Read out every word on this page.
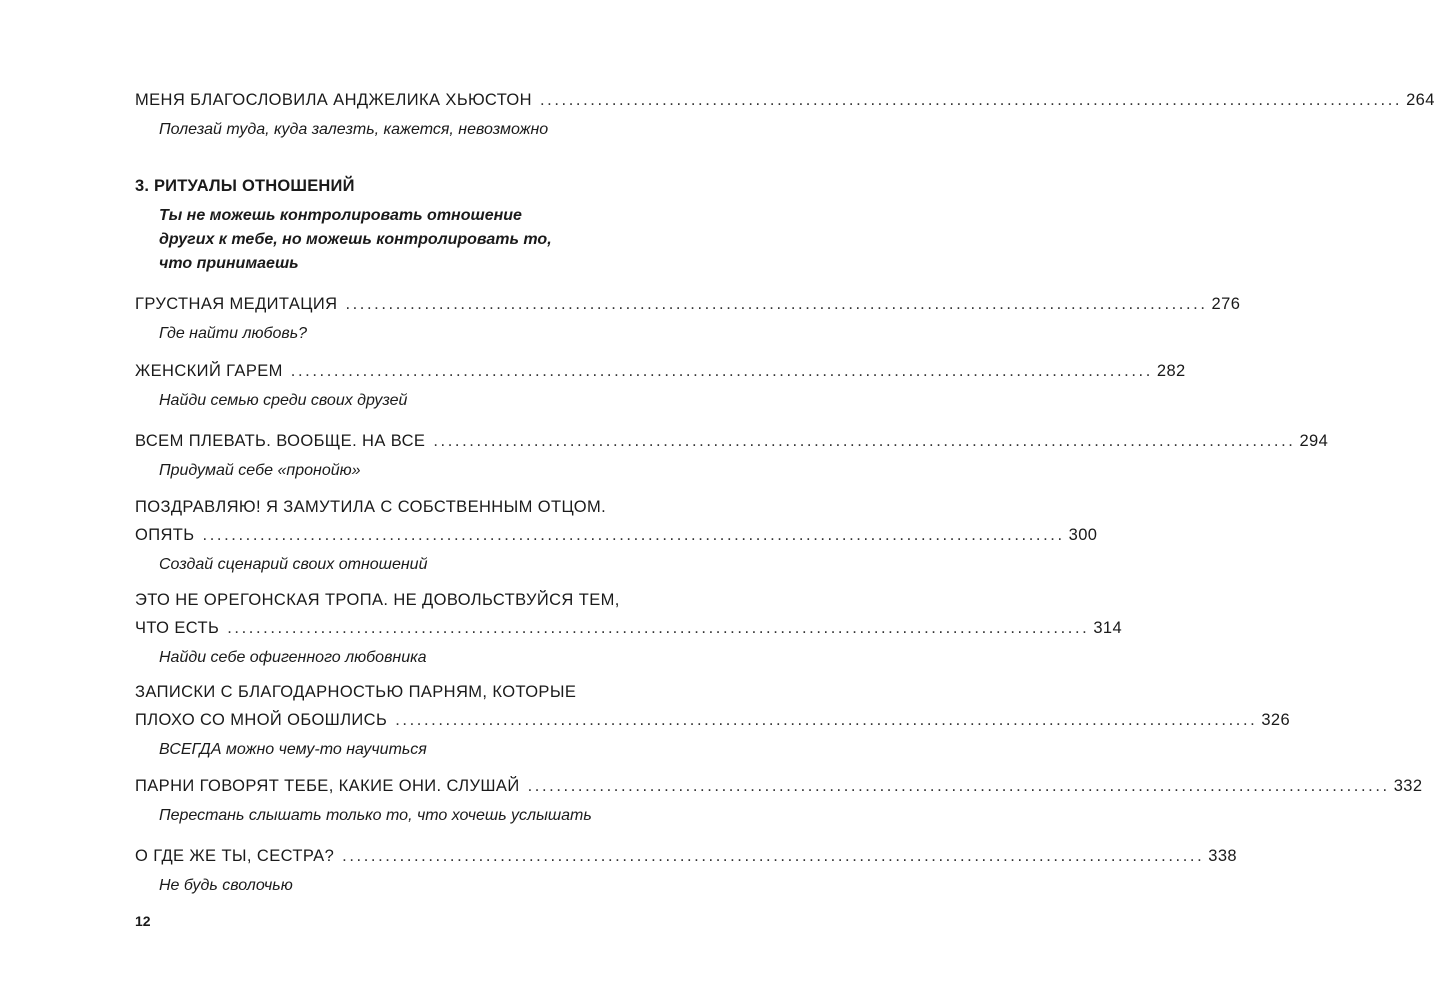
МЕНЯ БЛАГОСЛОВИЛА АНДЖЕЛИКА ХЬЮСТОН ........................................................................................................................ 264
Полезай туда, куда залезть, кажется, невозможно
3. РИТУАЛЫ ОТНОШЕНИЙ
Ты не можешь контролировать отношение
других к тебе, но можешь контролировать то,
что принимаешь
ГРУСТНАЯ МЕДИТАЦИЯ ........................................................................................................................ 276
Где найти любовь?
ЖЕНСКИЙ ГАРЕМ ........................................................................................................................ 282
Найди семью среди своих друзей
ВСЕМ ПЛЕВАТЬ. ВООБЩЕ. НА ВСЕ ........................................................................................................................ 294
Придумай себе «пронойю»
ПОЗДРАВЛЯЮ! Я ЗАМУТИЛА С СОБСТВЕННЫМ ОТЦОМ.
ОПЯТЬ ........................................................................................................................ 300
Создай сценарий своих отношений
ЭТО НЕ ОРЕГОНСКАЯ ТРОПА. НЕ ДОВОЛЬСТВУЙСЯ ТЕМ,
ЧТО ЕСТЬ ........................................................................................................................ 314
Найди себе офигенного любовника
ЗАПИСКИ С БЛАГОДАРНОСТЬЮ ПАРНЯМ, КОТОРЫЕ
ПЛОХО СО МНОЙ ОБОШЛИСЬ ........................................................................................................................ 326
ВСЕГДА можно чему-то научиться
ПАРНИ ГОВОРЯТ ТЕБЕ, КАКИЕ ОНИ. СЛУШАЙ ........................................................................................................................ 332
Перестань слышать только то, что хочешь услышать
О ГДЕ ЖЕ ТЫ, СЕСТРА? ........................................................................................................................ 338
Не будь сволочью
12
